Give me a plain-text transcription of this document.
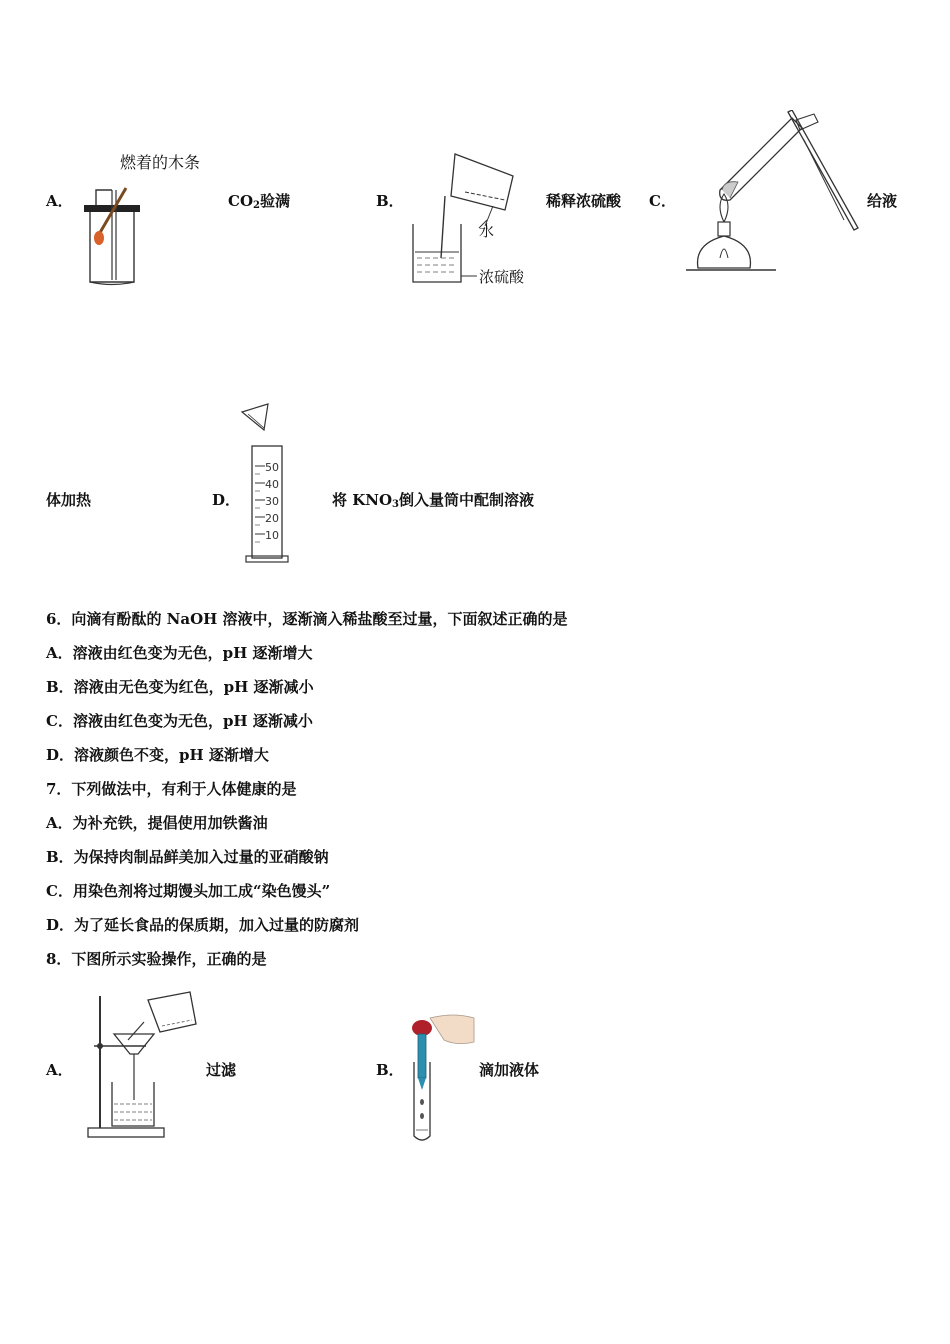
A．
燃着的木条
$CO_2$验满	B．
水
浓硫酸
稀释浓硫酸 C．	给液
体加热	D．
50
40
30
20
10
将 $KNO_3$倒入量筒中配制溶液
6．向滴有酚酞的 NaOH 溶液中，逐渐滴入稀盐酸至过量，下面叙述正确的是
A．溶液由红色变为无色，pH 逐渐增大
B．溶液由无色变为红色，pH 逐渐减小
C．溶液由红色变为无色，pH 逐渐减小
D．溶液颜色不变，pH 逐渐增大
7．下列做法中，有利于人体健康的是
A．为补充铁，提倡使用加铁酱油
B．为保持肉制品鲜美加入过量的亚硝酸钠
C．用染色剂将过期馒头加工成“染色馒头”
D．为了延长食品的保质期，加入过量的防腐剂
8．下图所示实验操作，正确的是
A．	过滤	B．	滴加液体
